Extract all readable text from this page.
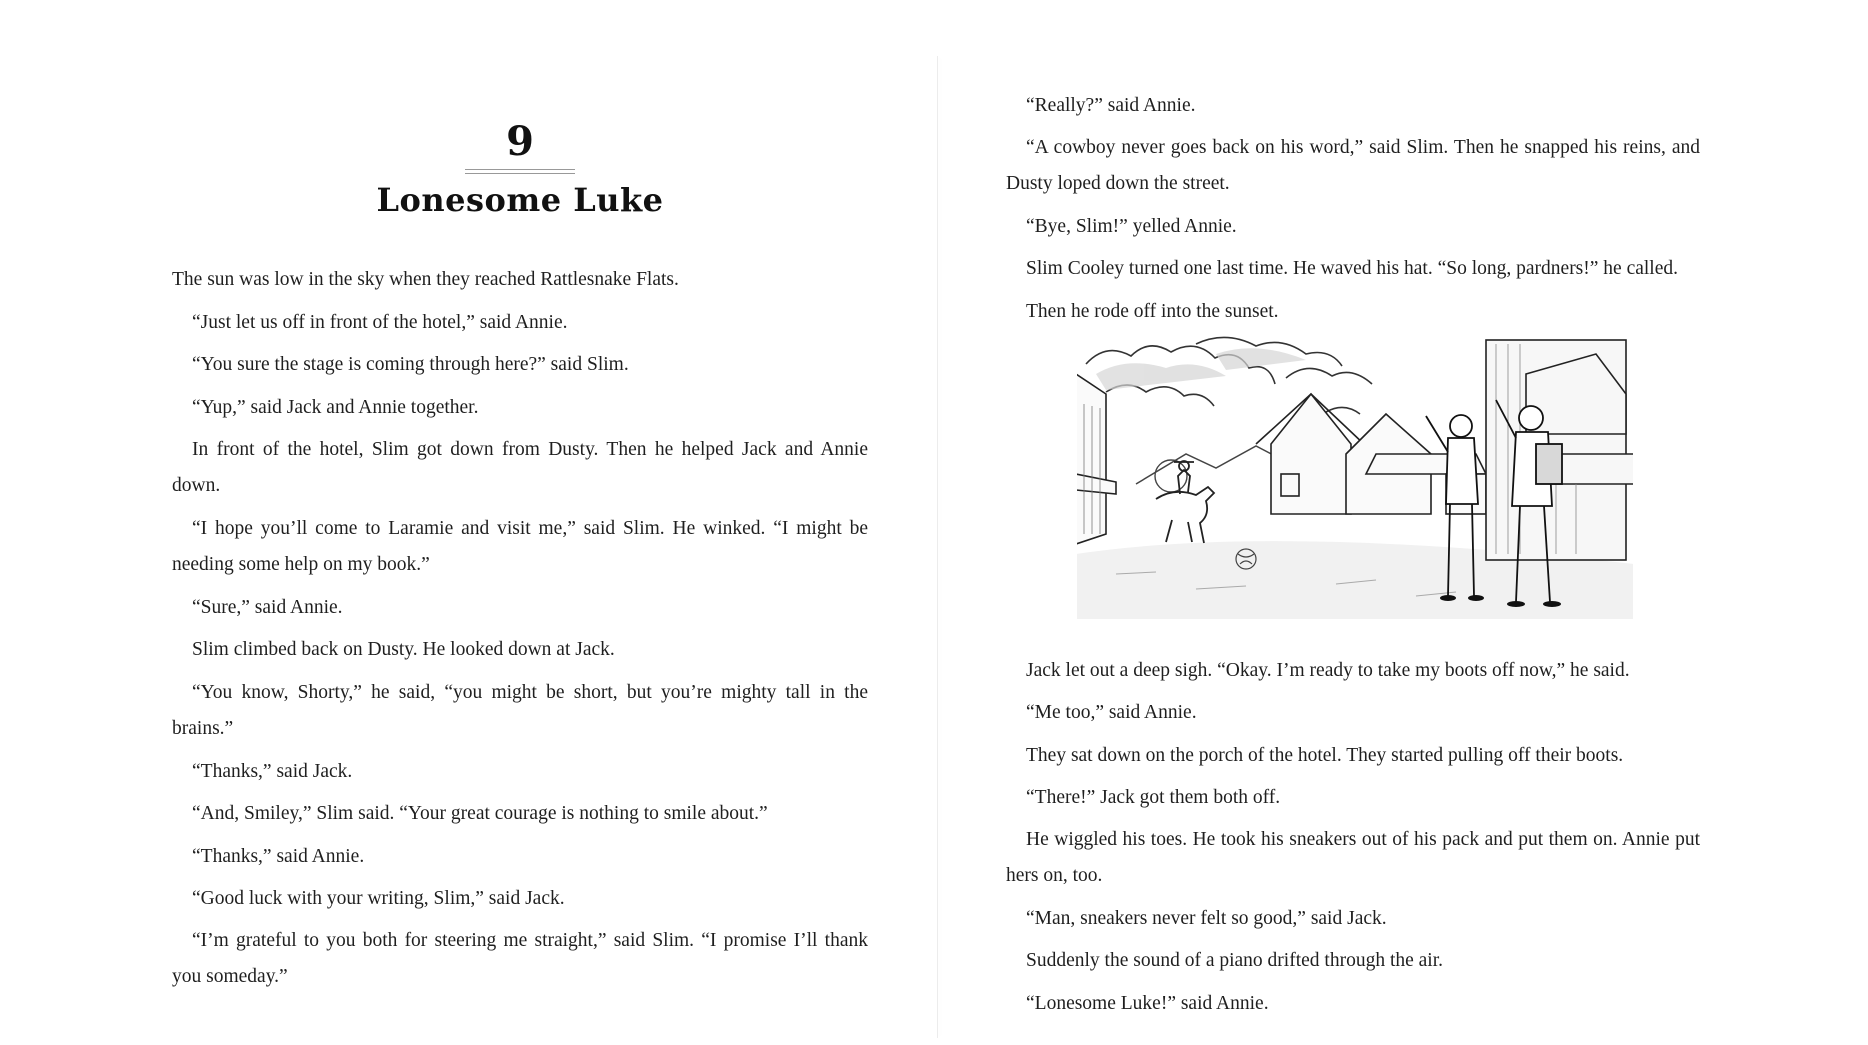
9
Lonesome Luke

The sun was low in the sky when they reached Rattlesnake Flats.

“Just let us off in front of the hotel,” said Annie.

“You sure the stage is coming through here?” said Slim.

“Yup,” said Jack and Annie together.

In front of the hotel, Slim got down from Dusty. Then he helped Jack and Annie down.

“I hope you’ll come to Laramie and visit me,” said Slim. He winked. “I might be needing some help on my book.”

“Sure,” said Annie.

Slim climbed back on Dusty. He looked down at Jack.

“You know, Shorty,” he said, “you might be short, but you’re mighty tall in the brains.”

“Thanks,” said Jack.

“And, Smiley,” Slim said. “Your great courage is nothing to smile about.”

“Thanks,” said Annie.

“Good luck with your writing, Slim,” said Jack.

“I’m grateful to you both for steering me straight,” said Slim. “I promise I’ll thank you someday.”

“Really?” said Annie.

“A cowboy never goes back on his word,” said Slim. Then he snapped his reins, and Dusty loped down the street.

“Bye, Slim!” yelled Annie.

Slim Cooley turned one last time. He waved his hat. “So long, pardners!” he called.

Then he rode off into the sunset.

Jack let out a deep sigh. “Okay. I’m ready to take my boots off now,” he said.

“Me too,” said Annie.

They sat down on the porch of the hotel. They started pulling off their boots.

“There!” Jack got them both off.

He wiggled his toes. He took his sneakers out of his pack and put them on. Annie put hers on, too.

“Man, sneakers never felt so good,” said Jack.

Suddenly the sound of a piano drifted through the air.

“Lonesome Luke!” said Annie.
